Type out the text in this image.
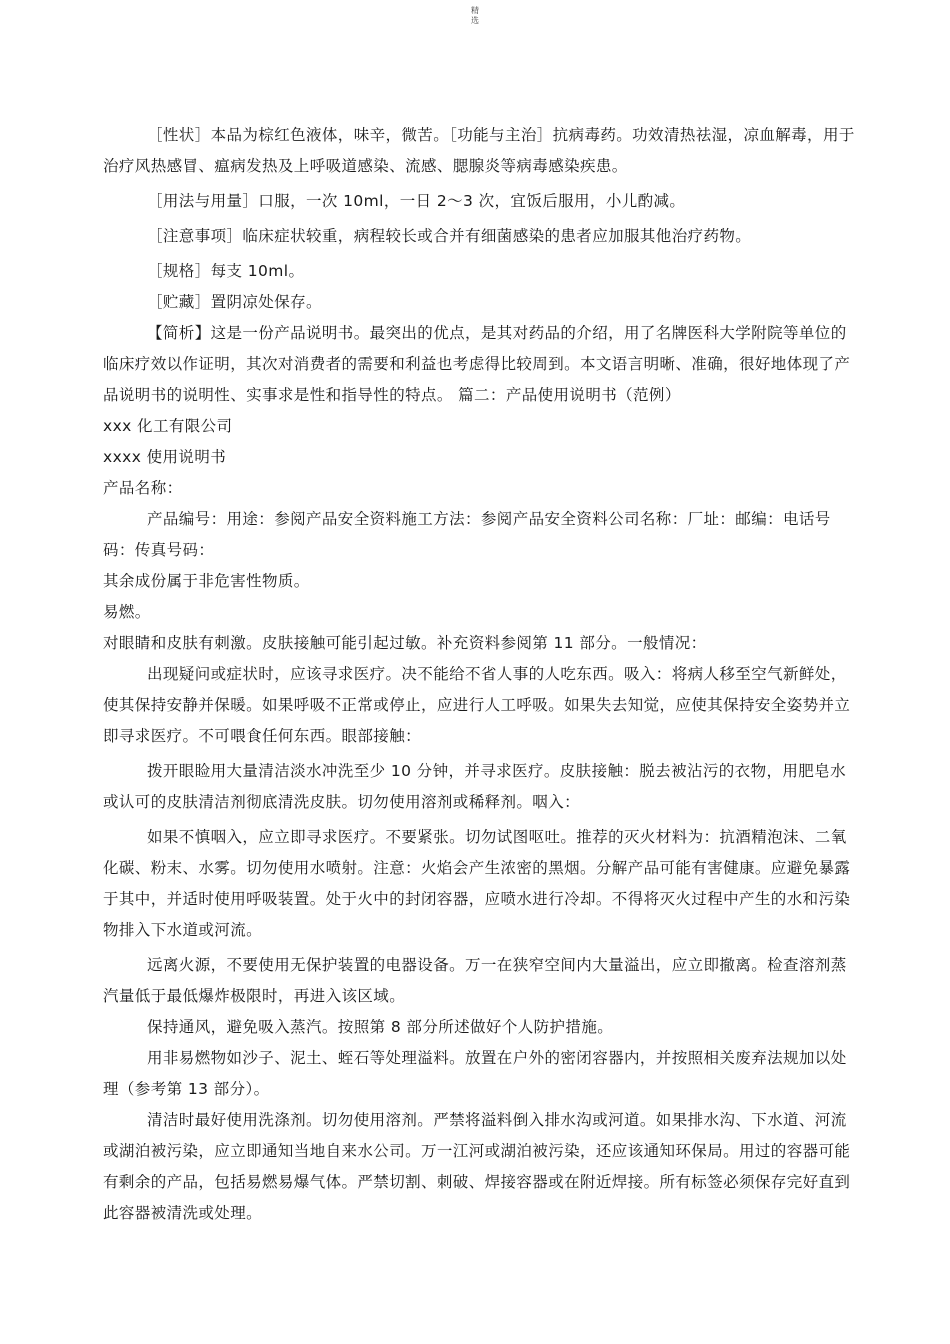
精
选

［性状］本品为棕红色液体，味辛，微苦。［功能与主治］抗病毒药。功效清热祛湿，凉血解毒，用于治疗风热感冒、瘟病发热及上呼吸道感染、流感、腮腺炎等病毒感染疾患。

［用法与用量］口服，一次 10ml，一日 2～3 次，宜饭后服用，小儿酌减。

［注意事项］临床症状较重，病程较长或合并有细菌感染的患者应加服其他治疗药物。

［规格］每支 10ml。

［贮藏］置阴凉处保存。

【简析】这是一份产品说明书。最突出的优点，是其对药品的介绍，用了名牌医科大学附院等单位的临床疗效以作证明，其次对消费者的需要和利益也考虑得比较周到。本文语言明晰、准确，很好地体现了产品说明书的说明性、实事求是性和指导性的特点。 篇二：产品使用说明书（范例）

xxx 化工有限公司

xxxx 使用说明书

产品名称：

产品编号：用途：参阅产品安全资料施工方法：参阅产品安全资料公司名称：厂址：邮编：电话号码：传真号码：

其余成份属于非危害性物质。

易燃。

对眼睛和皮肤有刺激。皮肤接触可能引起过敏。补充资料参阅第 11 部分。一般情况：

出现疑问或症状时，应该寻求医疗。决不能给不省人事的人吃东西。吸入：将病人移至空气新鲜处，使其保持安静并保暖。如果呼吸不正常或停止，应进行人工呼吸。如果失去知觉，应使其保持安全姿势并立即寻求医疗。不可喂食任何东西。眼部接触：

拨开眼睑用大量清洁淡水冲洗至少 10 分钟，并寻求医疗。皮肤接触：脱去被沾污的衣物，用肥皂水或认可的皮肤清洁剂彻底清洗皮肤。切勿使用溶剂或稀释剂。咽入：

如果不慎咽入，应立即寻求医疗。不要紧张。切勿试图呕吐。推荐的灭火材料为：抗酒精泡沫、二氧化碳、粉末、水雾。切勿使用水喷射。注意：火焰会产生浓密的黑烟。分解产品可能有害健康。应避免暴露于其中，并适时使用呼吸装置。处于火中的封闭容器，应喷水进行冷却。不得将灭火过程中产生的水和污染物排入下水道或河流。

远离火源，不要使用无保护装置的电器设备。万一在狭窄空间内大量溢出，应立即撤离。检查溶剂蒸汽量低于最低爆炸极限时，再进入该区域。

保持通风，避免吸入蒸汽。按照第 8 部分所述做好个人防护措施。

用非易燃物如沙子、泥土、蛭石等处理溢料。放置在户外的密闭容器内，并按照相关废弃法规加以处理（参考第 13 部分）。

清洁时最好使用洗涤剂。切勿使用溶剂。严禁将溢料倒入排水沟或河道。如果排水沟、下水道、河流或湖泊被污染，应立即通知当地自来水公司。万一江河或湖泊被污染，还应该通知环保局。用过的容器可能有剩余的产品，包括易燃易爆气体。严禁切割、刺破、焊接容器或在附近焊接。所有标签必须保存完好直到此容器被清洗或处理。
